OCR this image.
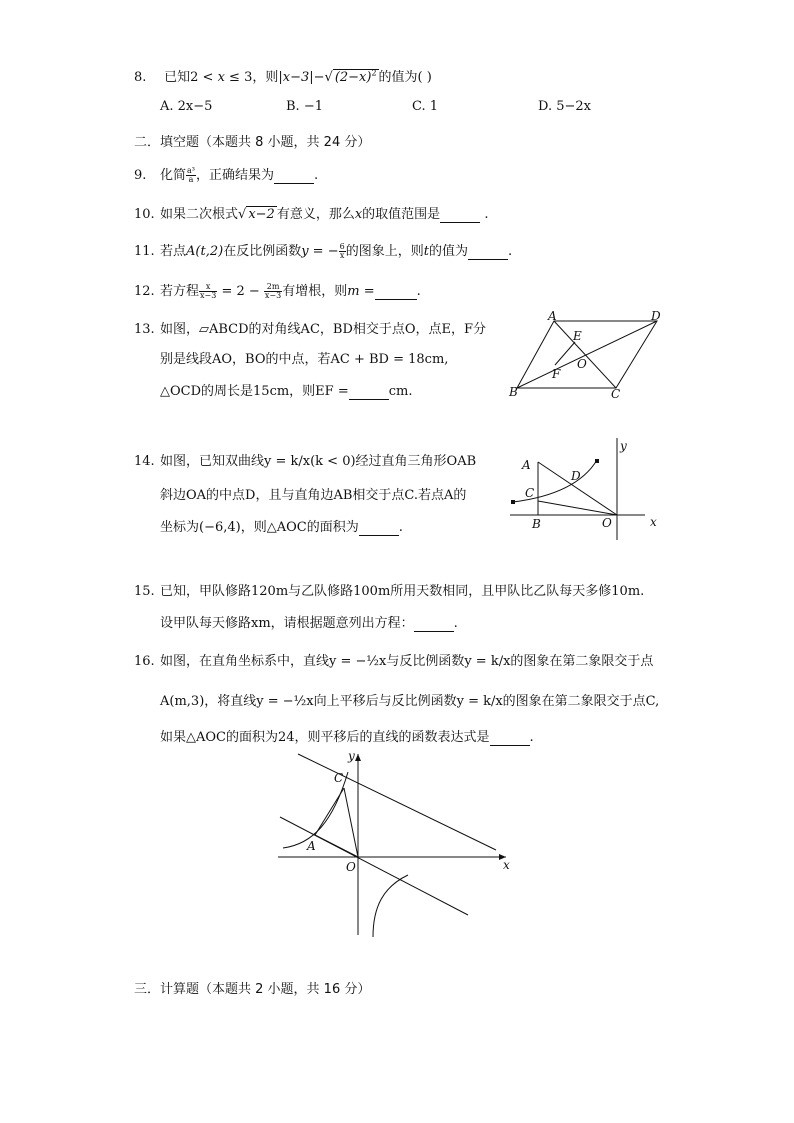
8. 已知2 < x ≤ 3，则|x−3|−√ $(2-x)^2$ 的值为( )
A. 2x−5	B. −1	C. 1	D. 5−2x
二．填空题（本题共 8 小题，共 24 分）
9. 化简 $\frac{\text{a³}}{a}$ ，正确结果为	.
10. 如果二次根式√ x−2 有意义，那么x的取值范围是	.
11. 若点A(t,2)在反比例函数y = − $\frac{6}{x}$ 的图象上，则t的值为	.
12. 若方程 $\frac{x}{x-3} = 2 - \frac{2m}{x-3}$ 有增根，则m =	.
13. 如图，▱ABCD的对角线AC，BD相交于点O，点E，F分
别是线段AO，BO的中点，若AC + BD = 18cm,
△OCD的周长是15cm，则EF =	cm.
A	D
B	C
E
F
O
14. 如图，已知双曲线y = k/x(k < 0)经过直角三角形OAB
斜边OA的中点D，且与直角边AB相交于点C.若点A的
坐标为(−6,4)，则△AOC的面积为	.
A
C
D
B	O	x
y
15. 已知，甲队修路120m与乙队修路100m所用天数相同，且甲队比乙队每天多修10m.
设甲队每天修路xm，请根据题意列出方程：	.
16. 如图，在直角坐标系中，直线y = −½x与反比例函数y = k/x的图象在第二象限交于点
A(m,3)，将直线y = −½x向上平移后与反比例函数y = k/x的图象在第二象限交于点C,
如果△AOC的面积为24，则平移后的直线的函数表达式是	.
C
A
O	x
y
三．计算题（本题共 2 小题，共 16 分）
